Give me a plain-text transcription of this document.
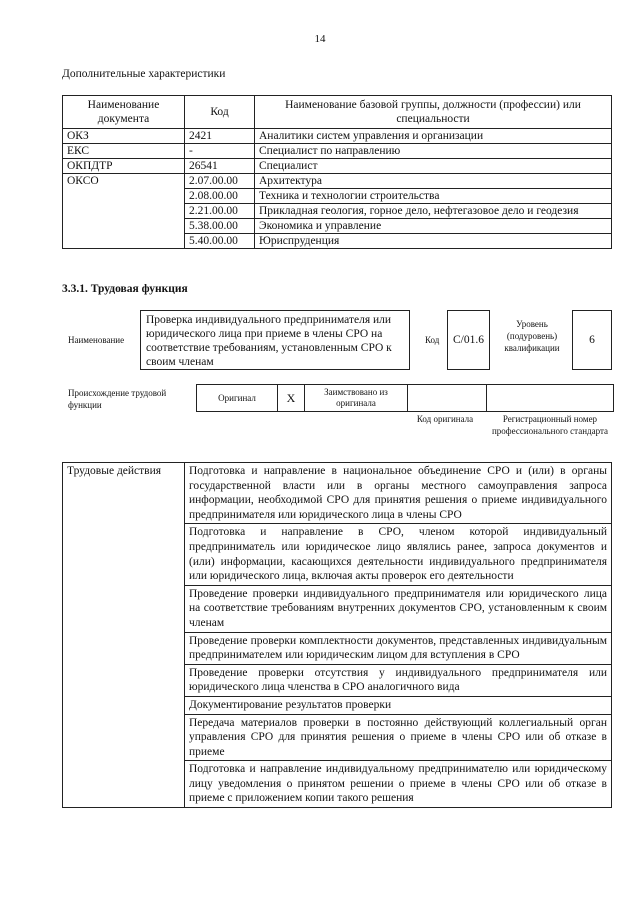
14
Дополнительные характеристики
Наименование документа	Код	Наименование базовой группы, должности (профессии) или специальности
ОКЗ	2421	Аналитики систем управления и организации
ЕКС	-	Специалист по направлению
ОКПДТР	26541	Специалист
ОКСО	2.07.00.00	Архитектура
	2.08.00.00	Техника и технологии строительства
	2.21.00.00	Прикладная геология, горное дело, нефтегазовое дело и геодезия
	5.38.00.00	Экономика и управление
	5.40.00.00	Юриспруденция
3.3.1. Трудовая функция
Наименование
Проверка индивидуального предпринимателя или юридического лица при приеме в члены СРО на соответствие требованиям, установленным СРО к своим членам
Код	С/01.6
Уровень (подуровень) квалификации
6
Происхождение трудовой функции
Оригинал	X	Заимствовано из оригинала		
Код оригинала	Регистрационный номер профессионального стандарта
Трудовые действия	Подготовка и направление в национальное объединение СРО и (или) в органы государственной власти или в органы местного самоуправления запроса информации, необходимой СРО для принятия решения о приеме индивидуального предпринимателя или юридического лица в члены СРО
Подготовка и направление в СРО, членом которой индивидуальный предприниматель или юридическое лицо являлись ранее, запроса документов и (или) информации, касающихся деятельности индивидуального предпринимателя или юридического лица, включая акты проверок его деятельности
Проведение проверки индивидуального предпринимателя или юридического лица на соответствие требованиям внутренних документов СРО, установленным к своим членам
Проведение проверки комплектности документов, представленных индивидуальным предпринимателем или юридическим лицом для вступления в СРО
Проведение проверки отсутствия у индивидуального предпринимателя или юридического лица членства в СРО аналогичного вида
Документирование результатов проверки
Передача материалов проверки в постоянно действующий коллегиальный орган управления СРО для принятия решения о приеме в члены СРО или об отказе в приеме
Подготовка и направление индивидуальному предпринимателю или юридическому лицу уведомления о принятом решении о приеме в члены СРО или об отказе в приеме с приложением копии такого решения
